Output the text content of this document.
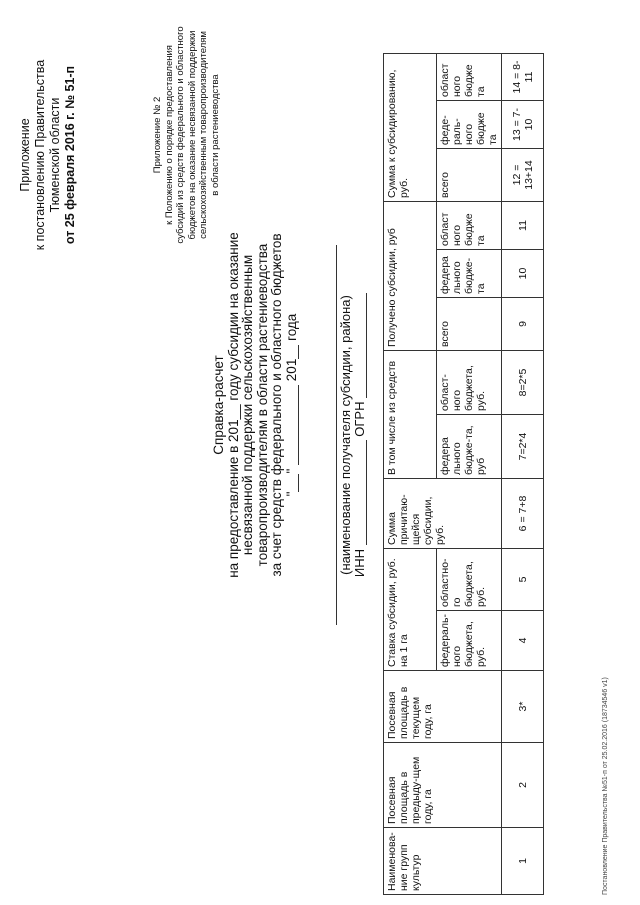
Приложение к постановлению Правительства Тюменской области от 25 февраля 2016 г. № 51-п	Приложение № 2 к Положению о порядке предоставления субсидий из средств федерального и областного бюджетов на оказание несвязанной поддержки сельскохозяйственным товаропроизводителям в области растениеводства
Справка-расчет на предоставление в 201__ году субсидии на оказание несвязанной поддержки сельскохозяйственным товаропроизводителям в области растениеводства за счет средств федерального и областного бюджетов ""  201 года	(наименование получателя субсидии, района) ИНН  ОГРН
Наименова-ние групп культур	Посевная площадь в предыду-щем году, га	Посевная площадь в текущем году, га	Ставка субсидии, руб. на 1 га		Сумма причитаю-щейся субсидии, руб.	В том числе из средств		Получено субсидии, руб			Сумма к субсидированию, руб.		
			федераль-ного бюджета, руб.	областно-го бюджета, руб.		федера льного бюдже-та, руб	област-ного бюджета, руб.	всего	федера льного бюдже-та	област ного бюдже та	всего	феде-раль-ного бюдже та	област ного бюдже та

1	2	3*	4	5	6 = 7+8	7=2*4	8=2*5	9	10	11	12 = 13+14	13 = 7-10	14 = 8-11
Постановление Правительства №51-п от 25.02.2016 (18734546 v1)
